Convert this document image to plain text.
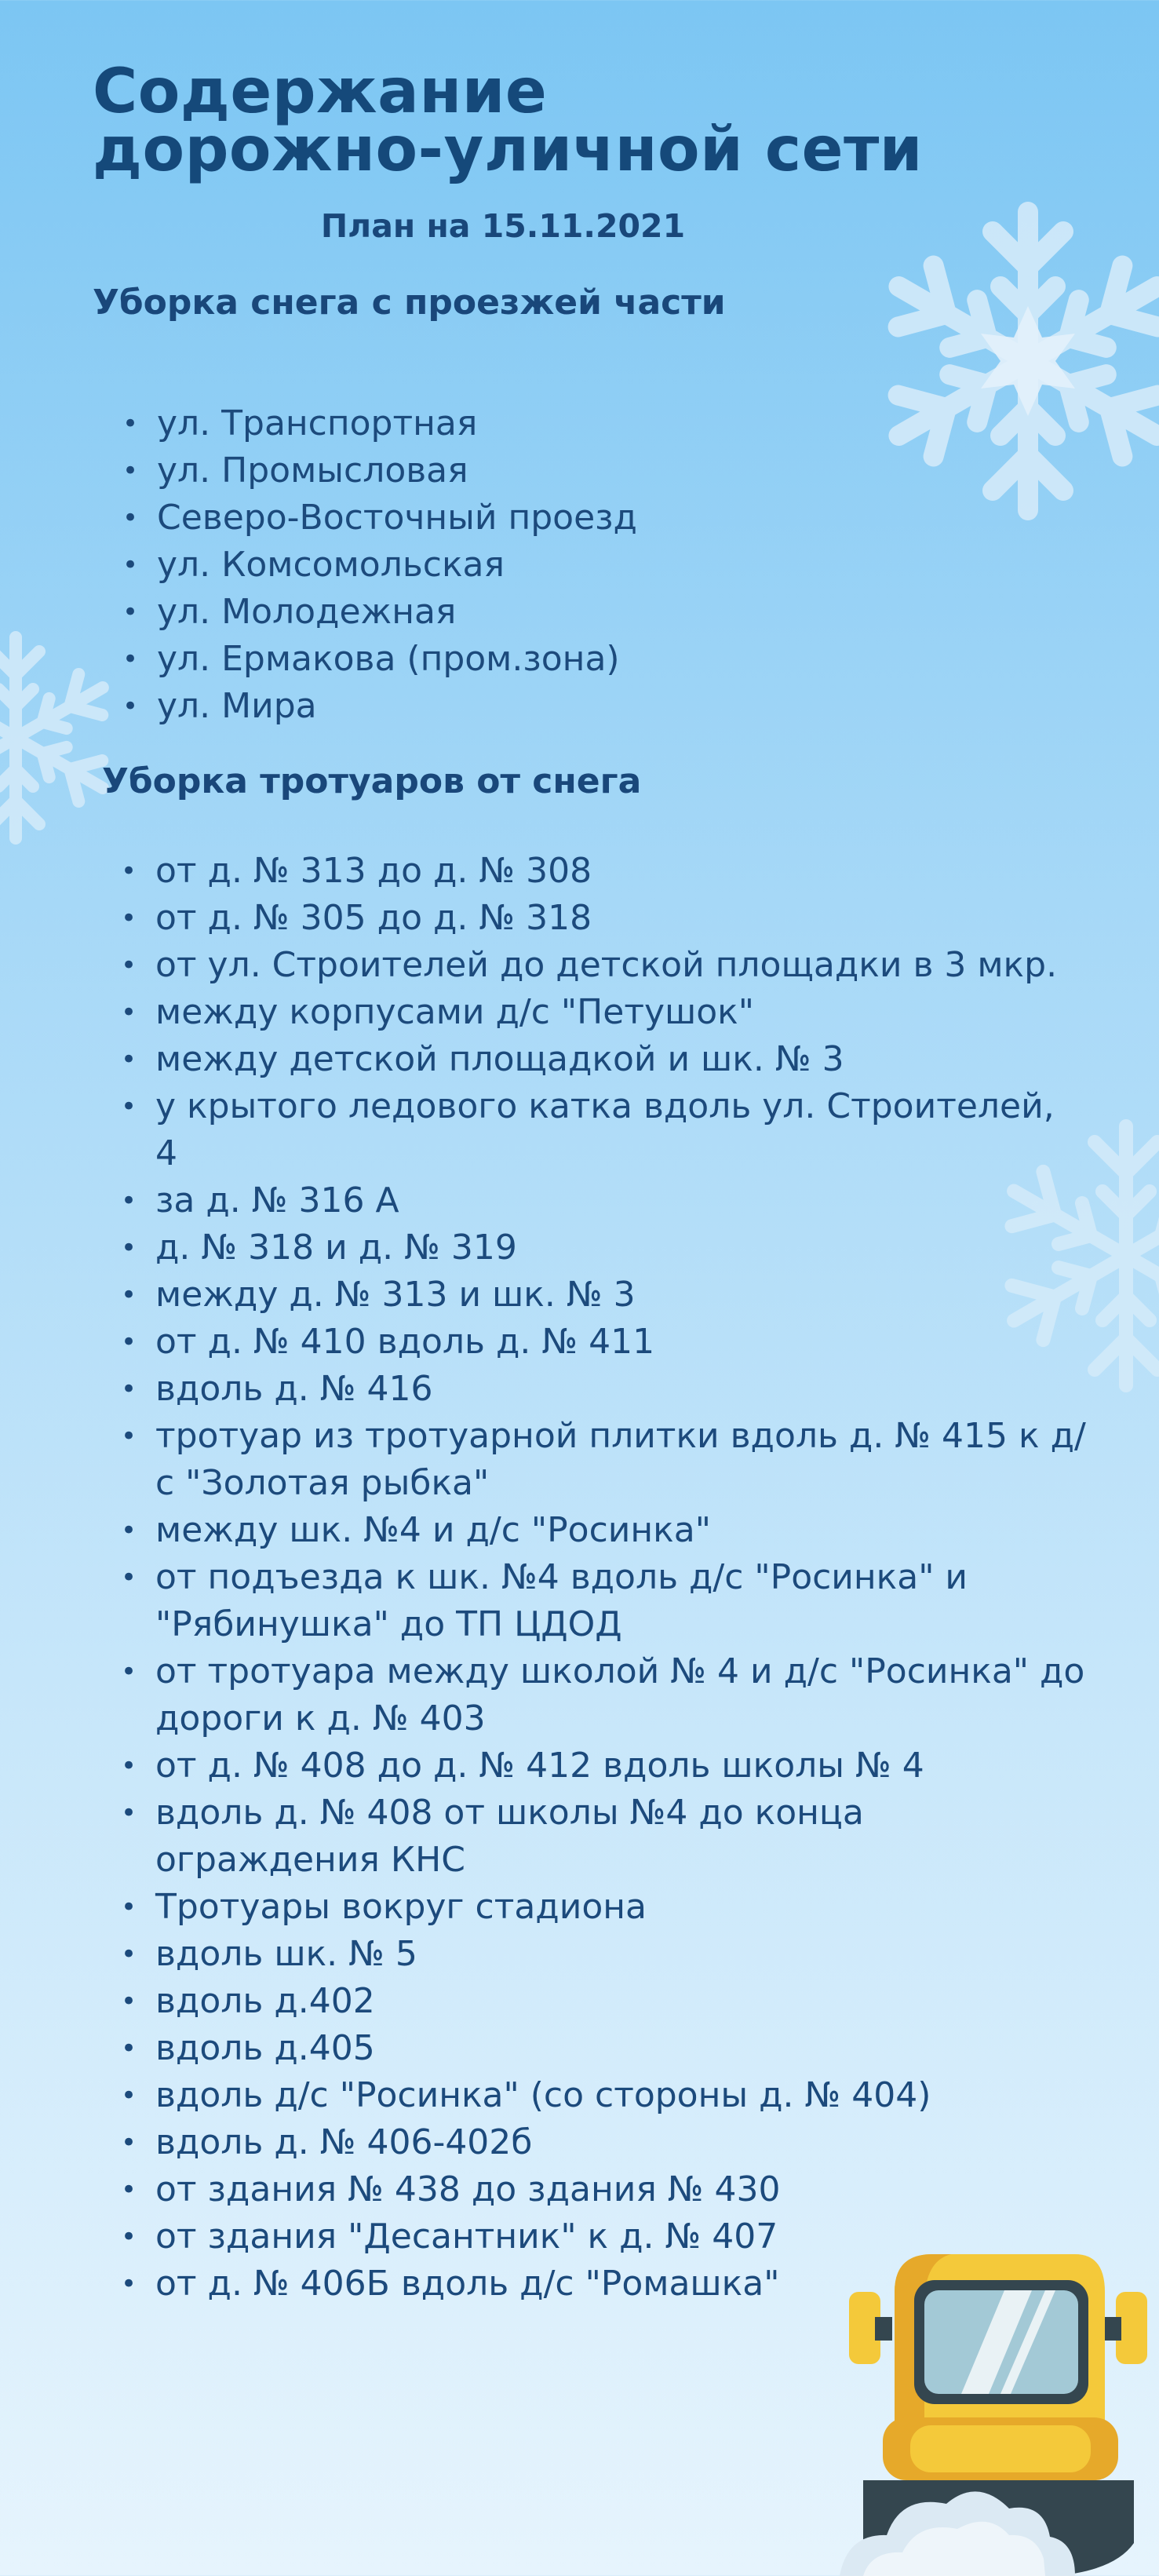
Содержание
дорожно-уличной сети
План на 15.11.2021
Уборка снега с проезжей части
• ул. Транспортная
• ул. Промысловая
• Северо-Восточный проезд
• ул. Комсомольская
• ул. Молодежная
• ул. Ермакова (пром.зона)
• ул. Мира
Уборка тротуаров от снега
• от д. № 313 до д. № 308
• от д. № 305 до д. № 318
• от ул. Строителей до детской площадки в 3 мкр.
• между корпусами д/с "Петушок"
• между детской площадкой и шк. № 3
• у крытого ледового катка вдоль ул. Строителей, 4
• за д. № 316 А
• д. № 318 и д. № 319
• между д. № 313 и шк. № 3
• от д. № 410 вдоль д. № 411
• вдоль д. № 416
• тротуар из тротуарной плитки вдоль д. № 415 к д/с "Золотая рыбка"
• между шк. №4 и д/с "Росинка"
• от подъезда к шк. №4 вдоль д/с "Росинка" и "Рябинушка" до ТП ЦДОД
• от тротуара между школой № 4 и д/с "Росинка" до дороги к д. № 403
• от д. № 408 до д. № 412 вдоль школы № 4
• вдоль д. № 408 от школы №4 до конца ограждения КНС
• Тротуары вокруг стадиона
• вдоль шк. № 5
• вдоль д.402
• вдоль д.405
• вдоль д/с "Росинка" (со стороны д. № 404)
• вдоль д. № 406-402б
• от здания № 438 до здания № 430
• от здания "Десантник" к д. № 407
• от д. № 406Б вдоль д/с "Ромашка"
